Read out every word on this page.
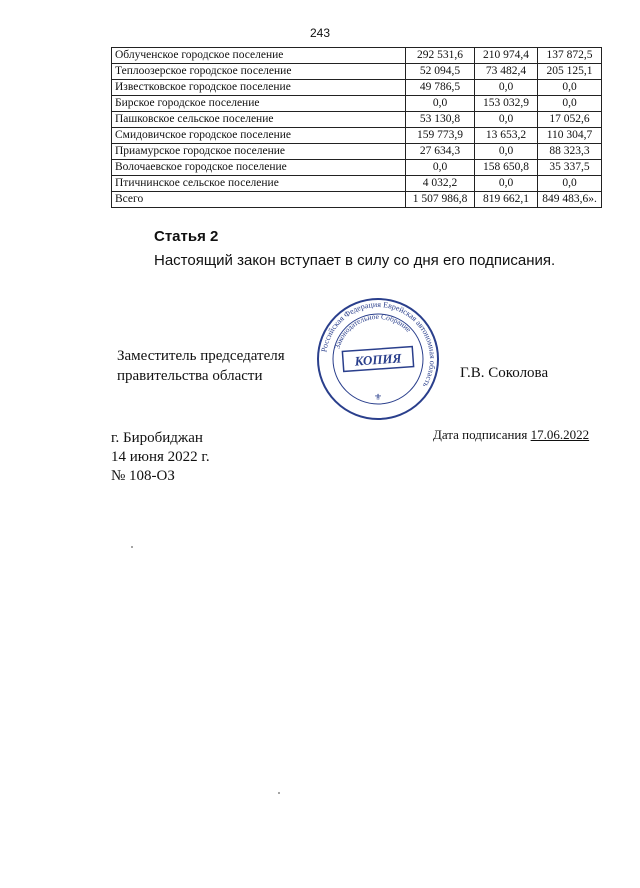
243
Облученское городское поселение	292 531,6	210 974,4	137 872,5
Теплоозерское городское поселение	52 094,5	73 482,4	205 125,1
Известковское городское поселение	49 786,5	0,0	0,0
Бирское городское поселение	0,0	153 032,9	0,0
Пашковское сельское поселение	53 130,8	0,0	17 052,6
Смидовичское городское поселение	159 773,9	13 653,2	110 304,7
Приамурское городское поселение	27 634,3	0,0	88 323,3
Волочаевское городское поселение	0,0	158 650,8	35 337,5
Птичнинское сельское поселение	4 032,2	0,0	0,0
Всего	1 507 986,8	819 662,1	849 483,6».
Статья 2
Настоящий закон вступает в силу со дня его подписания.
Заместитель председателя
правительства области	Г.В. Соколова
Российская Федерация Еврейская автономная область
Законодательное Собрание
КОПИЯ
⚜
г. Биробиджан
14 июня 2022 г.
№ 108-ОЗ
Дата подписания 17.06.2022
